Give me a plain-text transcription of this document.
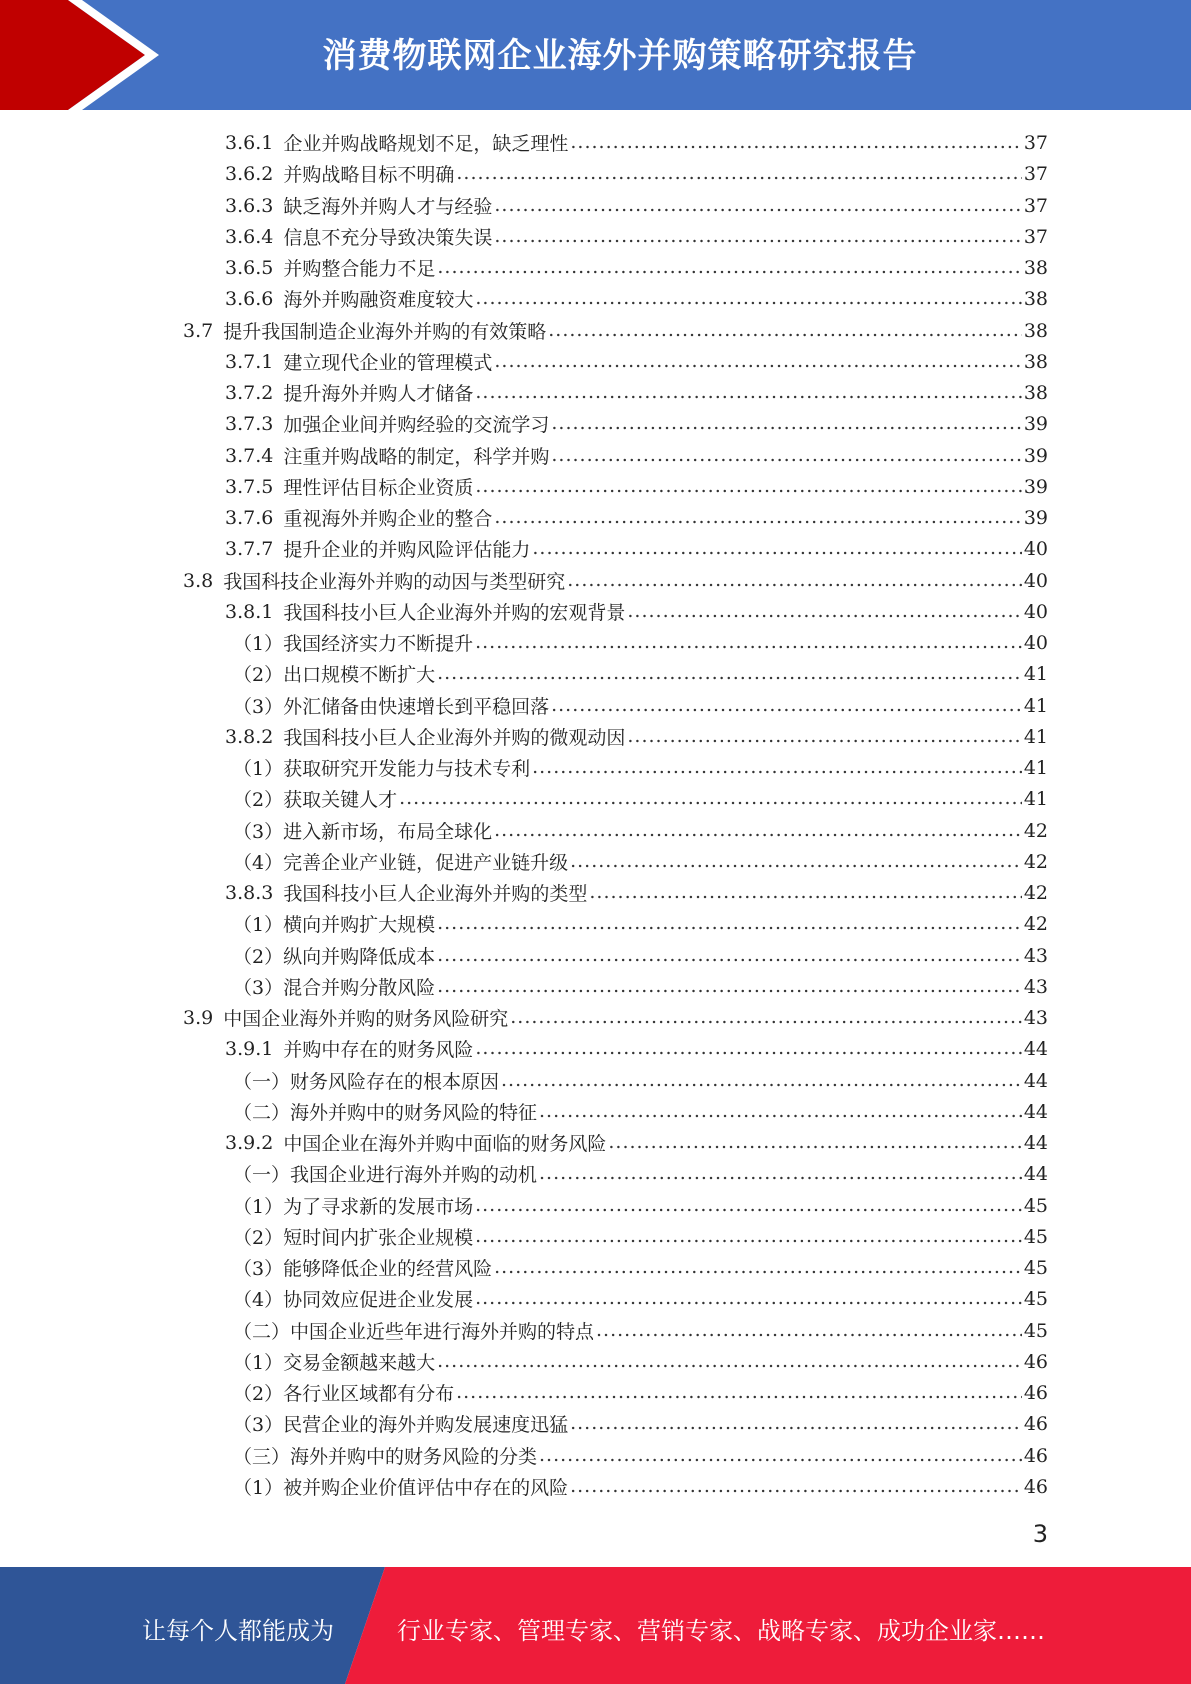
消费物联网企业海外并购策略研究报告
3.6.1 企业并购战略规划不足，缺乏理性 .....	37
3.6.2 并购战略目标不明确 .....	37
3.6.3 缺乏海外并购人才与经验 .....	37
3.6.4 信息不充分导致决策失误 .....	37
3.6.5 并购整合能力不足 .....	38
3.6.6 海外并购融资难度较大 .....	38
3.7 提升我国制造企业海外并购的有效策略 .....	38
3.7.1 建立现代企业的管理模式 .....	38
3.7.2 提升海外并购人才储备 .....	38
3.7.3 加强企业间并购经验的交流学习 .....	39
3.7.4 注重并购战略的制定，科学并购 .....	39
3.7.5 理性评估目标企业资质 .....	39
3.7.6 重视海外并购企业的整合 .....	39
3.7.7 提升企业的并购风险评估能力 .....	40
3.8 我国科技企业海外并购的动因与类型研究 .....	40
3.8.1 我国科技小巨人企业海外并购的宏观背景 .....	40
（1）我国经济实力不断提升 .....	40
（2）出口规模不断扩大 .....	41
（3）外汇储备由快速增长到平稳回落 .....	41
3.8.2 我国科技小巨人企业海外并购的微观动因 .....	41
（1）获取研究开发能力与技术专利 .....	41
（2）获取关键人才 .....	41
（3）进入新市场，布局全球化 .....	42
（4）完善企业产业链，促进产业链升级 .....	42
3.8.3 我国科技小巨人企业海外并购的类型 .....	42
（1）横向并购扩大规模 .....	42
（2）纵向并购降低成本 .....	43
（3）混合并购分散风险 .....	43
3.9 中国企业海外并购的财务风险研究 .....	43
3.9.1 并购中存在的财务风险 .....	44
（一）财务风险存在的根本原因 .....	44
（二）海外并购中的财务风险的特征 .....	44
3.9.2 中国企业在海外并购中面临的财务风险 .....	44
（一）我国企业进行海外并购的动机 .....	44
（1）为了寻求新的发展市场 .....	45
（2）短时间内扩张企业规模 .....	45
（3）能够降低企业的经营风险 .....	45
（4）协同效应促进企业发展 .....	45
（二）中国企业近些年进行海外并购的特点 .....	45
（1）交易金额越来越大 .....	46
（2）各行业区域都有分布 .....	46
（3）民营企业的海外并购发展速度迅猛 .....	46
（三）海外并购中的财务风险的分类 .....	46
（1）被并购企业价值评估中存在的风险 .....	46
3
让每个人都能成为	行业专家、管理专家、营销专家、战略专家、成功企业家……
